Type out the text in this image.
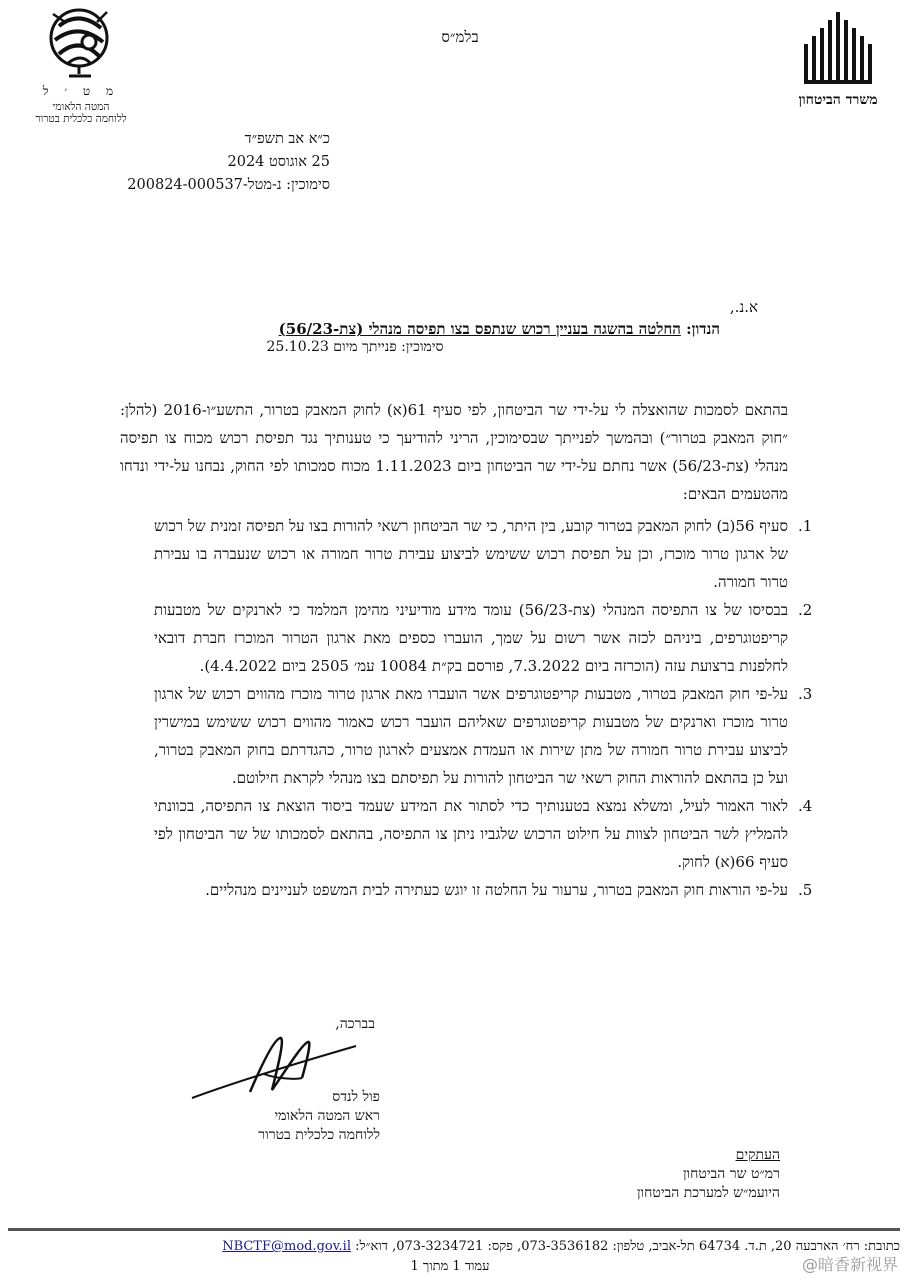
מ ט ׳ ל
המטה הלאומי
ללוחמה כלכלית בטרור
בלמ״ס
משרד הביטחון
כ״א אב תשפ״ד
25 אוגוסט 2024
סימוכין: נ-מטל-200824-000537
א.נ.,
הנדון: החלטה בהשגה בעניין רכוש שנתפס בצו תפיסה מנהלי (צת-56/23)
סימוכין: פנייתך מיום 25.10.23

בהתאם לסמכות שהואצלה לי על-ידי שר הביטחון, לפי סעיף 61(א) לחוק המאבק בטרור, התשע״ו-2016 (להלן: ״חוק המאבק בטרור״) ובהמשך לפנייתך שבסימוכין, הריני להודיעך כי טענותיך נגד תפיסת רכוש מכוח צו תפיסה מנהלי (צת-56/23) אשר נחתם על-ידי שר הביטחון ביום 1.11.2023 מכוח סמכותו לפי החוק, נבחנו על-ידי ונדחו מהטעמים הבאים:

1.
סעיף 56(ב) לחוק המאבק בטרור קובע, בין היתר, כי שר הביטחון רשאי להורות בצו על תפיסה זמנית של רכוש של ארגון טרור מוכרז, וכן על תפיסת רכוש ששימש לביצוע עבירת טרור חמורה או רכוש שנעברה בו עבירת טרור חמורה.
2.
בבסיסו של צו התפיסה המנהלי (צת-56/23) עומד מידע מודיעיני מהימן המלמד כי לארנקים של מטבעות קריפטוגרפים, ביניהם לכזה אשר רשום על שמך, הועברו כספים מאת ארגון הטרור המוכרז חברת דובאי לחלפנות ברצועת עזה (הוכרזה ביום 7.3.2022, פורסם בק״ת 10084 עמ׳ 2505 ביום 4.4.2022).
3.
על-פי חוק המאבק בטרור, מטבעות קריפטוגרפים אשר הועברו מאת ארגון טרור מוכרז מהווים רכוש של ארגון טרור מוכרז וארנקים של מטבעות קריפטוגרפים שאליהם הועבר רכוש כאמור מהווים רכוש ששימש במישרין לביצוע עבירת טרור חמורה של מתן שירות או העמדת אמצעים לארגון טרור, כהגדרתם בחוק המאבק בטרור, ועל כן בהתאם להוראות החוק רשאי שר הביטחון להורות על תפיסתם בצו מנהלי לקראת חילוטם.
4.
לאור האמור לעיל, ומשלא נמצא בטענותיך כדי לסתור את המידע שעמד ביסוד הוצאת צו התפיסה, בכוונתי להמליץ לשר הביטחון לצוות על חילוט הרכוש שלגביו ניתן צו התפיסה, בהתאם לסמכותו של שר הביטחון לפי סעיף 66(א) לחוק.
5.
על-פי הוראות חוק המאבק בטרור, ערעור על החלטה זו יוגש כעתירה לבית המשפט לעניינים מנהליים.
בברכה,
פול לנדס
ראש המטה הלאומי
ללוחמה כלכלית בטרור
העתקים
רמ״ט שר הביטחון
היועמ״ש למערכת הביטחון
כתובת: רח׳ הארבעה 20, ת.ד. 64734 תל-אביב, טלפון: 073-3536182, פקס: 073-3234721, דוא״ל: NBCTF@mod.gov.il
עמוד 1 מתוך 1	@暗香新视界
